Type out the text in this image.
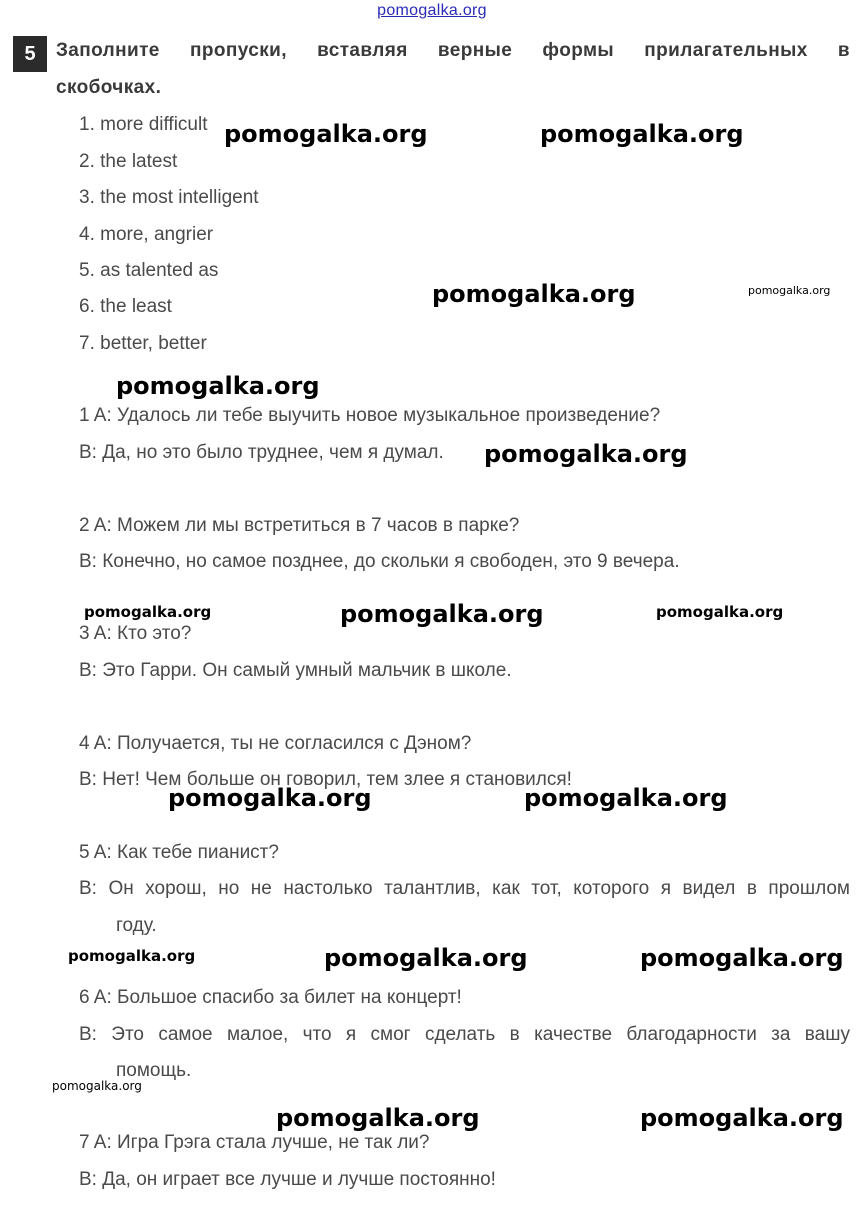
pomogalka.org
5	Заполните пропуски, вставляя верные формы прилагательных в
скобочках.
1. more difficult
2. the latest
3. the most intelligent
4. more, angrier
5. as talented as
6. the least
7. better, better
1 A: Удалось ли тебе выучить новое музыкальное произведение?
B: Да, но это было труднее, чем я думал.
2 A: Можем ли мы встретиться в 7 часов в парке?
B: Конечно, но самое позднее, до скольки я свободен, это 9 вечера.
3 A: Кто это?
B: Это Гарри. Он самый умный мальчик в школе.
4 A: Получается, ты не согласился с Дэном?
B: Нет! Чем больше он говорил, тем злее я становился!
5 A: Как тебе пианист?
B: Он хорош, но не настолько талантлив, как тот, которого я видел в прошлом
году.
6 A: Большое спасибо за билет на концерт!
B: Это самое малое, что я смог сделать в качестве благодарности за вашу
помощь.
7 A: Игра Грэга стала лучше, не так ли?
B: Да, он играет все лучше и лучше постоянно!
pomogalka.org	pomogalka.org
pomogalka.org	pomogalka.org
pomogalka.org
pomogalka.org
pomogalka.org	pomogalka.org	pomogalka.org
pomogalka.org	pomogalka.org
pomogalka.org	pomogalka.org	pomogalka.org
pomogalka.org
pomogalka.org	pomogalka.org
